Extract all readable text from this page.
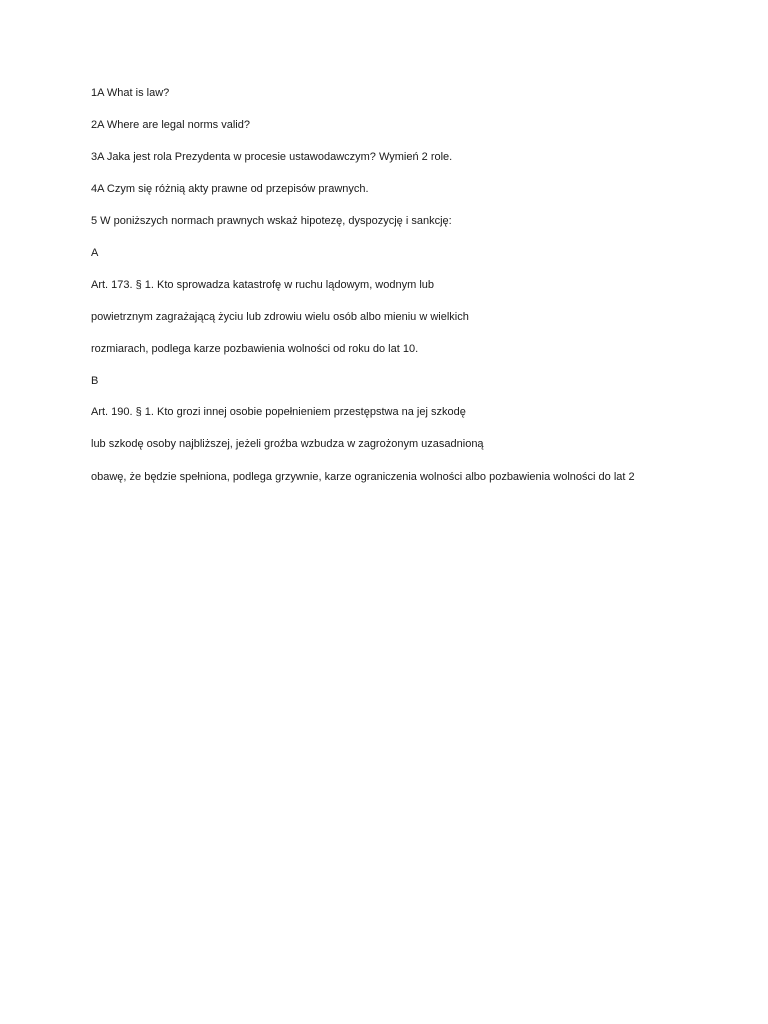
1A What is law?

2A Where are legal norms valid?

3A Jaka jest rola Prezydenta w procesie ustawodawczym? Wymień 2 role.

4A Czym się różnią akty prawne od przepisów prawnych.

5 W poniższych normach prawnych wskaż hipotezę, dyspozycję i sankcję:

A

Art. 173. § 1. Kto sprowadza katastrofę w ruchu lądowym, wodnym lub

powietrznym zagrażającą życiu lub zdrowiu wielu osób albo mieniu w wielkich

rozmiarach, podlega karze pozbawienia wolności od roku do lat 10.

B

Art. 190. § 1. Kto grozi innej osobie popełnieniem przestępstwa na jej szkodę

lub szkodę osoby najbliższej, jeżeli groźba wzbudza w zagrożonym uzasadnioną

obawę, że będzie spełniona, podlega grzywnie, karze ograniczenia wolności albo pozbawienia wolności do lat 2
